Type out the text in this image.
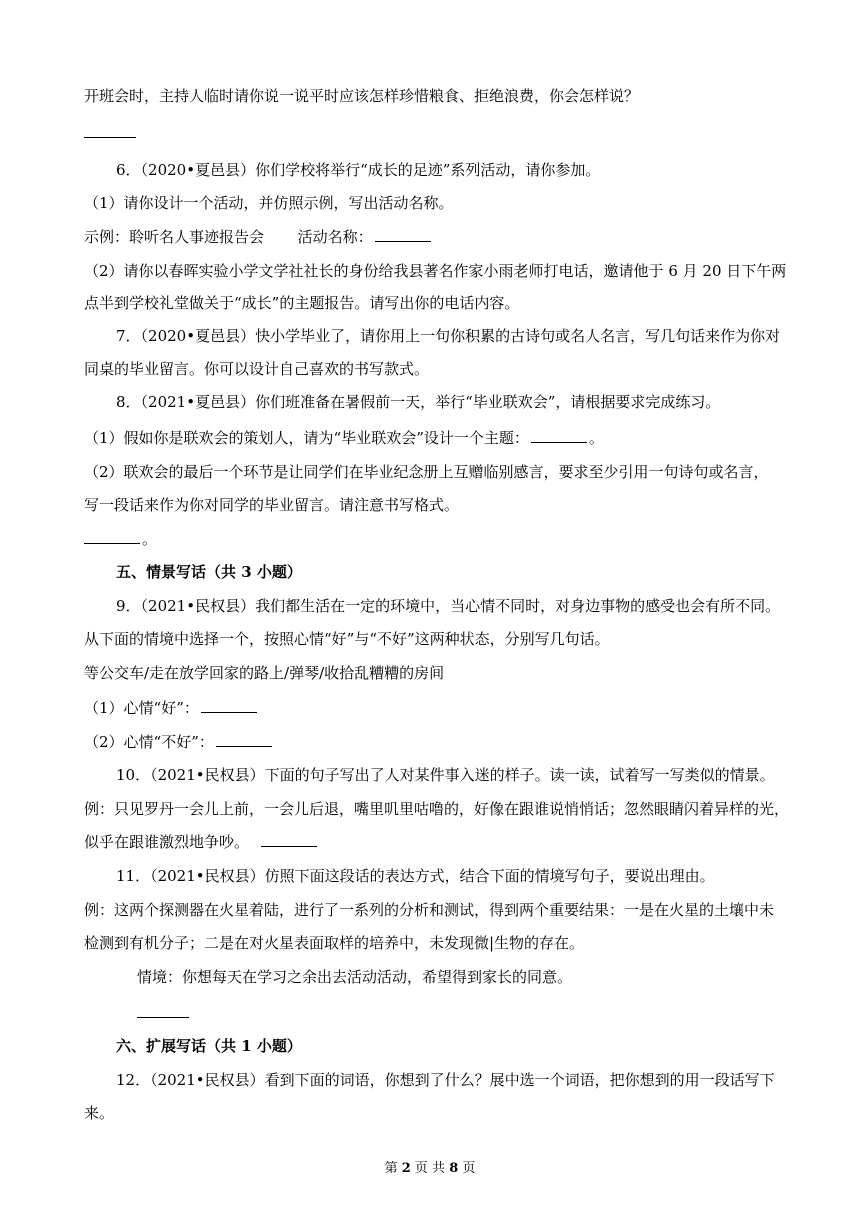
开班会时，主持人临时请你说一说平时应该怎样珍惜粮食、拒绝浪费，你会怎样说？
6．（2020•夏邑县）你们学校将举行“成长的足迹”系列活动，请你参加。
（1）请你设计一个活动，并仿照示例，写出活动名称。
示例：聆听名人事迹报告会 活动名称：
（2）请你以春晖实验小学文学社社长的身份给我县著名作家小雨老师打电话，邀请他于 6 月 20 日下午两
点半到学校礼堂做关于“成长”的主题报告。请写出你的电话内容。
7．（2020•夏邑县）快小学毕业了，请你用上一句你积累的古诗句或名人名言，写几句话来作为你对
同桌的毕业留言。你可以设计自己喜欢的书写款式。
8．（2021•夏邑县）你们班准备在暑假前一天，举行“毕业联欢会”，请根据要求完成练习。
（1）假如你是联欢会的策划人，请为“毕业联欢会”设计一个主题：	。
（2）联欢会的最后一个环节是让同学们在毕业纪念册上互赠临别感言，要求至少引用一句诗句或名言，
写一段话来作为你对同学的毕业留言。请注意书写格式。
。
五、情景写话（共 3 小题）
9．（2021•民权县）我们都生活在一定的环境中，当心情不同时，对身边事物的感受也会有所不同。
从下面的情境中选择一个，按照心情“好”与“不好”这两种状态，分别写几句话。
等公交车/走在放学回家的路上/弹琴/收拾乱糟糟的房间
（1）心情“好”：
（2）心情“不好”：
10．（2021•民权县）下面的句子写出了人对某件事入迷的样子。读一读，试着写一写类似的情景。
例：只见罗丹一会儿上前，一会儿后退，嘴里叽里咕噜的，好像在跟谁说悄悄话；忽然眼睛闪着异样的光，
似乎在跟谁激烈地争吵。
11．（2021•民权县）仿照下面这段话的表达方式，结合下面的情境写句子，要说出理由。
例：这两个探测器在火星着陆，进行了一系列的分析和测试，得到两个重要结果：一是在火星的土壤中未
检测到有机分子；二是在对火星表面取样的培养中，未发现微|生物的存在。
情境：你想每天在学习之余出去活动活动，希望得到家长的同意。
六、扩展写话（共 1 小题）
12．（2021•民权县）看到下面的词语，你想到了什么？展中选一个词语，把你想到的用一段话写下
来。
第 2 页 共 8 页
